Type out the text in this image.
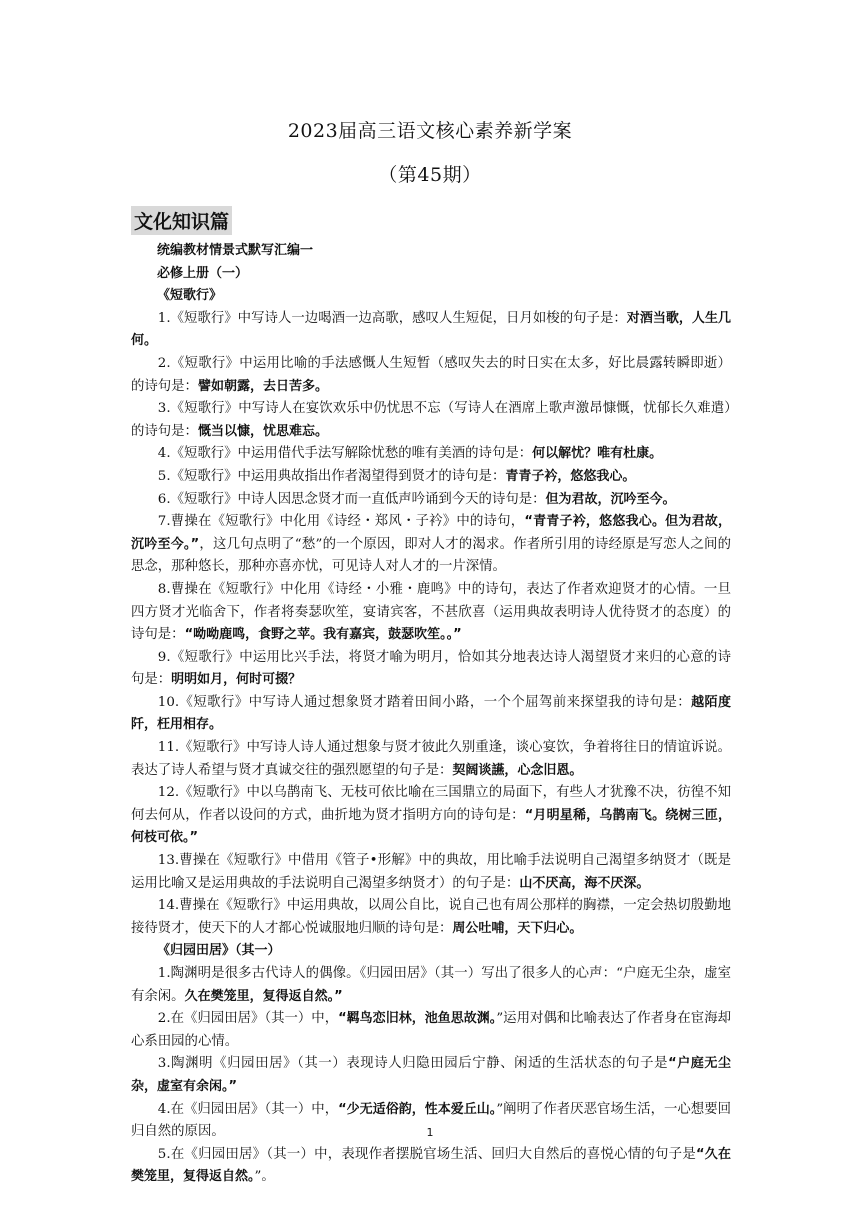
2023届高三语文核心素养新学案
（第45期）
文化知识篇

统编教材情景式默写汇编一

必修上册（一）

《短歌行》

1.《短歌行》中写诗人一边喝酒一边高歌，感叹人生短促，日月如梭的句子是：对酒当歌，人生几何。

2.《短歌行》中运用比喻的手法感慨人生短暂（感叹失去的时日实在太多，好比晨露转瞬即逝）的诗句是：譬如朝露，去日苦多。

3.《短歌行》中写诗人在宴饮欢乐中仍忧思不忘（写诗人在酒席上歌声激昂慷慨，忧郁长久难遣）的诗句是：慨当以慷，忧思难忘。

4.《短歌行》中运用借代手法写解除忧愁的唯有美酒的诗句是：何以解忧？唯有杜康。

5.《短歌行》中运用典故指出作者渴望得到贤才的诗句是：青青子衿，悠悠我心。

6.《短歌行》中诗人因思念贤才而一直低声吟诵到今天的诗句是：但为君故，沉吟至今。

7.曹操在《短歌行》中化用《诗经・郑风・子衿》中的诗句，“青青子衿，悠悠我心。但为君故，沉吟至今。”，这几句点明了“愁”的一个原因，即对人才的渴求。作者所引用的诗经原是写恋人之间的思念，那种悠长，那种亦喜亦忧，可见诗人对人才的一片深情。

8.曹操在《短歌行》中化用《诗经・小雅・鹿鸣》中的诗句，表达了作者欢迎贤才的心情。一旦四方贤才光临舍下，作者将奏瑟吹笙，宴请宾客，不甚欣喜（运用典故表明诗人优待贤才的态度）的诗句是：“呦呦鹿鸣，食野之苹。我有嘉宾，鼓瑟吹笙。。”

9.《短歌行》中运用比兴手法，将贤才喻为明月，恰如其分地表达诗人渴望贤才来归的心意的诗句是：明明如月，何时可掇？

10.《短歌行》中写诗人通过想象贤才踏着田间小路，一个个屈驾前来探望我的诗句是：越陌度阡，枉用相存。

11.《短歌行》中写诗人诗人通过想象与贤才彼此久别重逢，谈心宴饮，争着将往日的情谊诉说。表达了诗人希望与贤才真诚交往的强烈愿望的句子是：契阔谈讌，心念旧恩。

12.《短歌行》中以乌鹊南飞、无枝可依比喻在三国鼎立的局面下，有些人才犹豫不决，彷徨不知何去何从，作者以设问的方式，曲折地为贤才指明方向的诗句是：“月明星稀，乌鹊南飞。绕树三匝，何枝可依。”

13.曹操在《短歌行》中借用《管子•形解》中的典故，用比喻手法说明自己渴望多纳贤才（既是运用比喻又是运用典故的手法说明自己渴望多纳贤才）的句子是：山不厌高，海不厌深。

14.曹操在《短歌行》中运用典故，以周公自比，说自己也有周公那样的胸襟，一定会热切殷勤地接待贤才，使天下的人才都心悦诚服地归顺的诗句是：周公吐哺，天下归心。

《归园田居》（其一）

1.陶渊明是很多古代诗人的偶像。《归园田居》（其一）写出了很多人的心声：“户庭无尘杂，虚室有余闲。久在樊笼里，复得返自然。”

2.在《归园田居》（其一）中，“羁鸟恋旧林，池鱼思故渊。”运用对偶和比喻表达了作者身在宦海却心系田园的心情。

3.陶渊明《归园田居》（其一）表现诗人归隐田园后宁静、闲适的生活状态的句子是“户庭无尘杂，虚室有余闲。”

4.在《归园田居》（其一）中，“少无适俗韵，性本爱丘山。”阐明了作者厌恶官场生活，一心想要回归自然的原因。

5.在《归园田居》（其一）中，表现作者摆脱官场生活、回归大自然后的喜悦心情的句子是“久在樊笼里，复得返自然。”。

1
